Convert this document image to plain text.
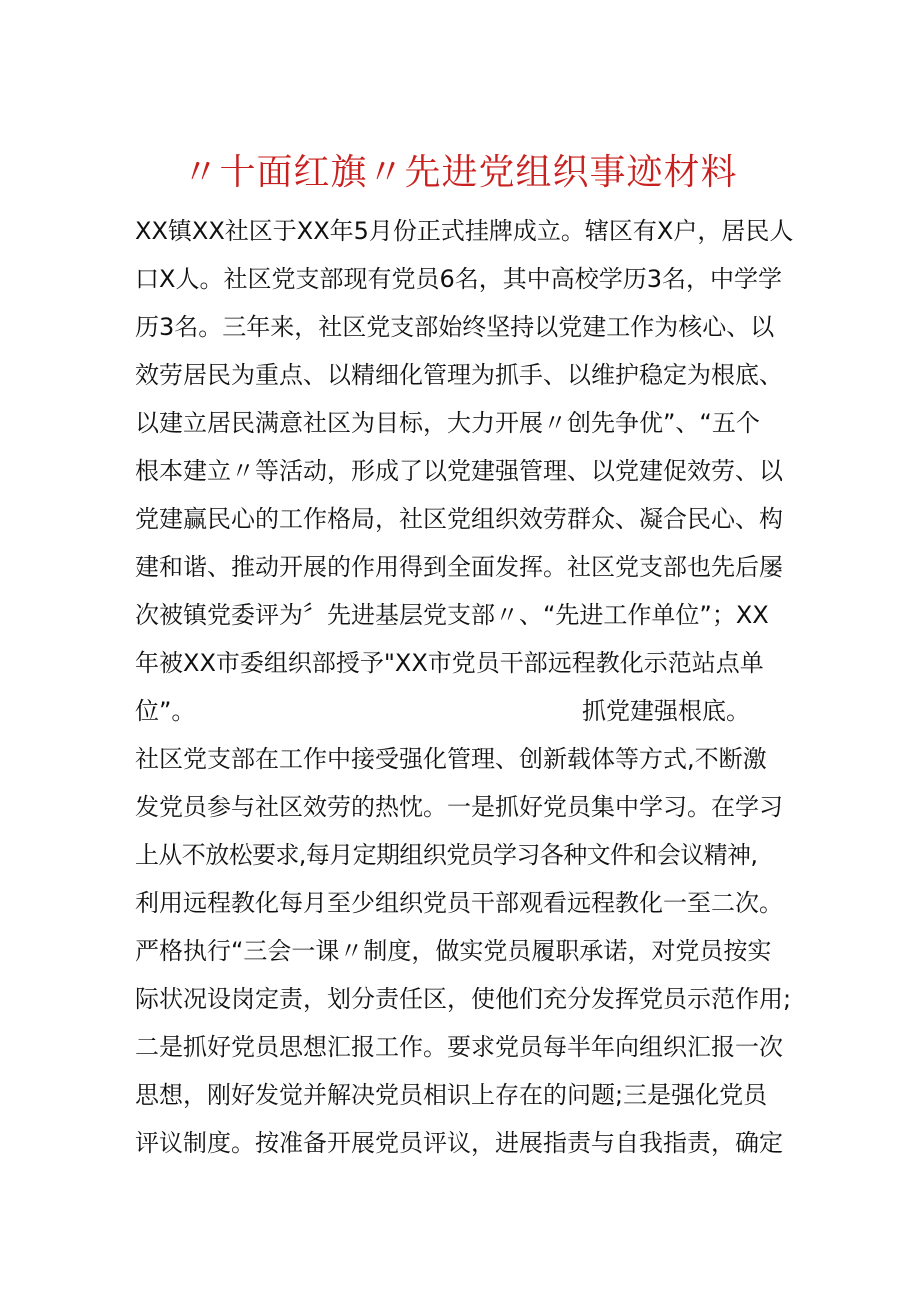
〃十面红旗〃先进党组织事迹材料
XX镇XX社区于XX年5月份正式挂牌成立。辖区有X户，居民人
口X人。社区党支部现有党员6名，其中高校学历3名，中学学
历3名。三年来，社区党支部始终坚持以党建工作为核心、以
效劳居民为重点、以精细化管理为抓手、以维护稳定为根底、
以建立居民满意社区为目标，大力开展〃创先争优”、“五个
根本建立〃等活动，形成了以党建强管理、以党建促效劳、以
党建赢民心的工作格局，社区党组织效劳群众、凝合民心、构
建和谐、推动开展的作用得到全面发挥。社区党支部也先后屡
次被镇党委评为〞先进基层党支部〃、“先进工作单位”；XX
年被XX市委组织部授予"XX市党员干部远程教化示范站点单
位”。	抓党建强根底。
社区党支部在工作中接受强化管理、创新载体等方式,不断激
发党员参与社区效劳的热忱。一是抓好党员集中学习。在学习
上从不放松要求,每月定期组织党员学习各种文件和会议精神,
利用远程教化每月至少组织党员干部观看远程教化一至二次。
严格执行“三会一课〃制度，做实党员履职承诺，对党员按实
际状况设岗定责，划分责任区，使他们充分发挥党员示范作用;
二是抓好党员思想汇报工作。要求党员每半年向组织汇报一次
思想，刚好发觉并解决党员相识上存在的问题;三是强化党员
评议制度。按准备开展党员评议，进展指责与自我指责，确定
